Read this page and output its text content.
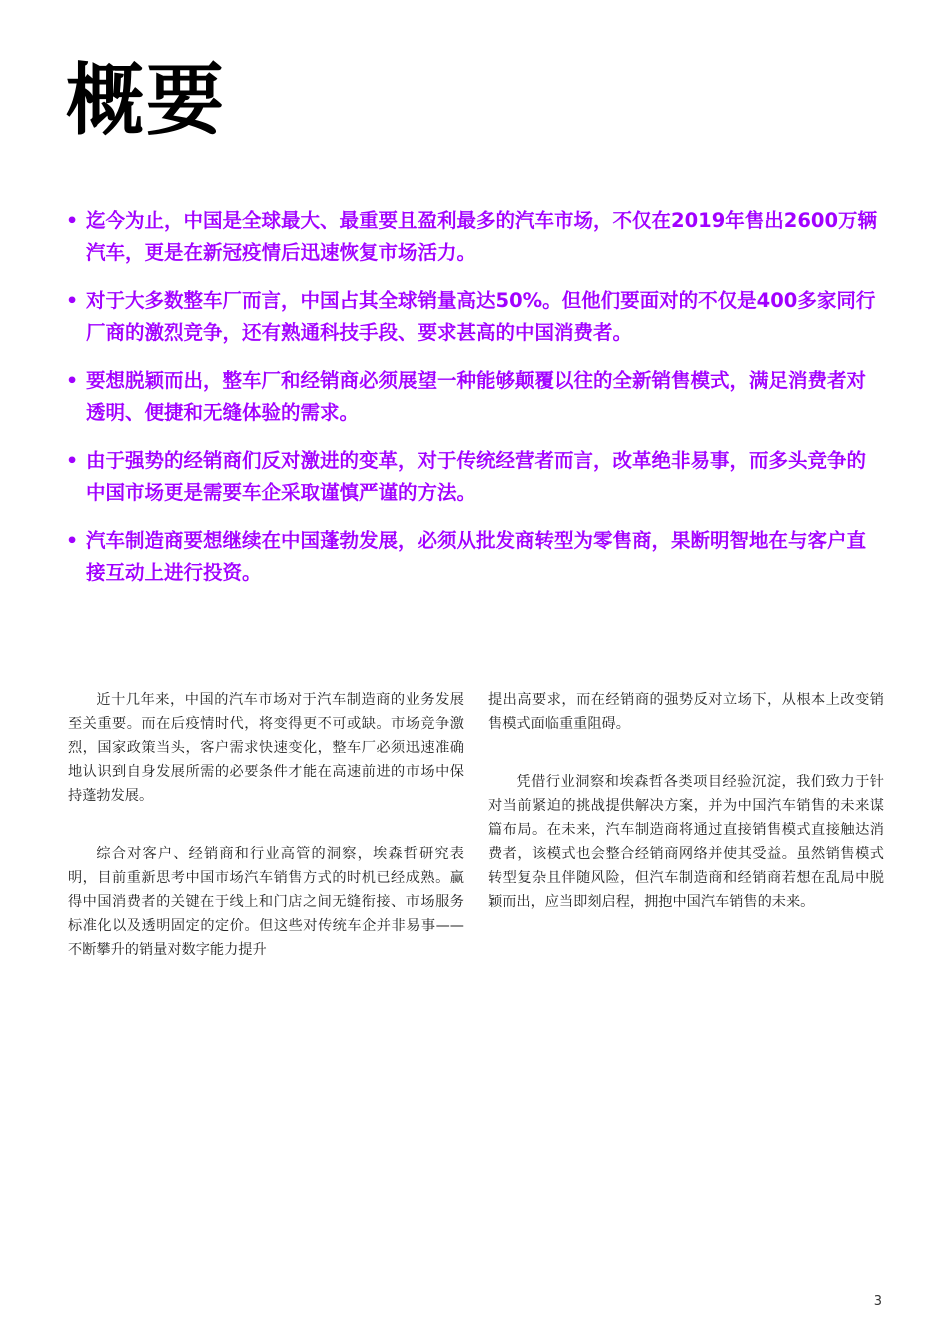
概要
• 迄今为止，中国是全球最大、最重要且盈利最多的汽车市场，不仅在2019年售出2600万辆汽车，更是在新冠疫情后迅速恢复市场活力。
• 对于大多数整车厂而言，中国占其全球销量高达50%。但他们要面对的不仅是400多家同行厂商的激烈竞争，还有熟通科技手段、要求甚高的中国消费者。
• 要想脱颖而出，整车厂和经销商必须展望一种能够颠覆以往的全新销售模式，满足消费者对透明、便捷和无缝体验的需求。
• 由于强势的经销商们反对激进的变革，对于传统经营者而言，改革绝非易事，而多头竞争的中国市场更是需要车企采取谨慎严谨的方法。
• 汽车制造商要想继续在中国蓬勃发展，必须从批发商转型为零售商，果断明智地在与客户直接互动上进行投资。

近十几年来，中国的汽车市场对于汽车制造商的业务发展至关重要。而在后疫情时代，将变得更不可或缺。市场竞争激烈，国家政策当头，客户需求快速变化，整车厂必须迅速准确地认识到自身发展所需的必要条件才能在高速前进的市场中保持蓬勃发展。

综合对客户、经销商和行业高管的洞察，埃森哲研究表明，目前重新思考中国市场汽车销售方式的时机已经成熟。赢得中国消费者的关键在于线上和门店之间无缝衔接、市场服务标准化以及透明固定的定价。但这些对传统车企并非易事——不断攀升的销量对数字能力提升

提出高要求，而在经销商的强势反对立场下，从根本上改变销售模式面临重重阻碍。

凭借行业洞察和埃森哲各类项目经验沉淀，我们致力于针对当前紧迫的挑战提供解决方案，并为中国汽车销售的未来谋篇布局。在未来，汽车制造商将通过直接销售模式直接触达消费者，该模式也会整合经销商网络并使其受益。虽然销售模式转型复杂且伴随风险，但汽车制造商和经销商若想在乱局中脱颖而出，应当即刻启程，拥抱中国汽车销售的未来。

3
